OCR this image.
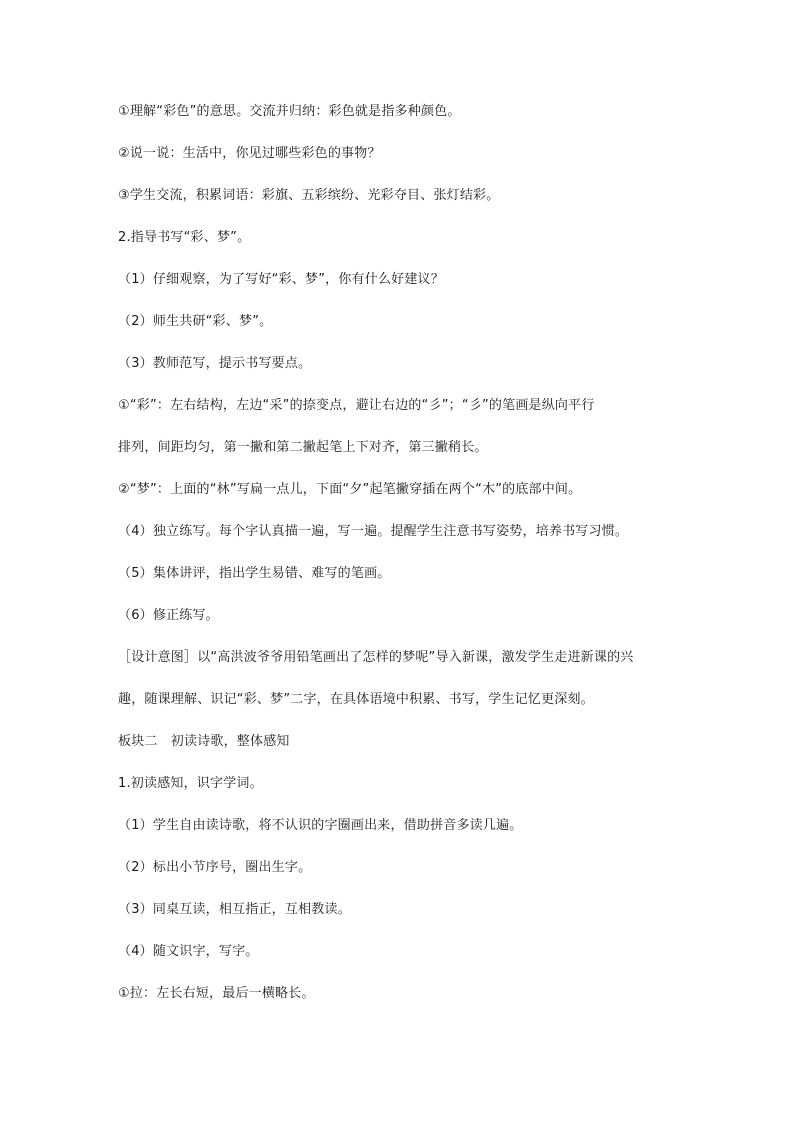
①理解“彩色”的意思。交流并归纳：彩色就是指多种颜色。
②说一说：生活中，你见过哪些彩色的事物？
③学生交流，积累词语：彩旗、五彩缤纷、光彩夺目、张灯结彩。
2.指导书写“彩、梦”。
（1）仔细观察，为了写好“彩、梦”，你有什么好建议？
（2）师生共研“彩、梦”。
（3）教师范写，提示书写要点。
①“彩”：左右结构，左边“采”的捺变点，避让右边的“彡”；“彡”的笔画是纵向平行
排列，间距均匀，第一撇和第二撇起笔上下对齐，第三撇稍长。
②“梦”：上面的“林”写扁一点儿，下面“夕”起笔撇穿插在两个“木”的底部中间。
（4）独立练写。每个字认真描一遍，写一遍。提醒学生注意书写姿势，培养书写习惯。
（5）集体讲评，指出学生易错、难写的笔画。
（6）修正练写。
［设计意图］以“高洪波爷爷用铅笔画出了怎样的梦呢”导入新课，激发学生走进新课的兴
趣，随课理解、识记“彩、梦”二字，在具体语境中积累、书写，学生记忆更深刻。
板块二　初读诗歌，整体感知
1.初读感知，识字学词。
（1）学生自由读诗歌，将不认识的字圈画出来，借助拼音多读几遍。
（2）标出小节序号，圈出生字。
（3）同桌互读，相互指正，互相教读。
（4）随文识字，写字。
①拉：左长右短，最后一横略长。
